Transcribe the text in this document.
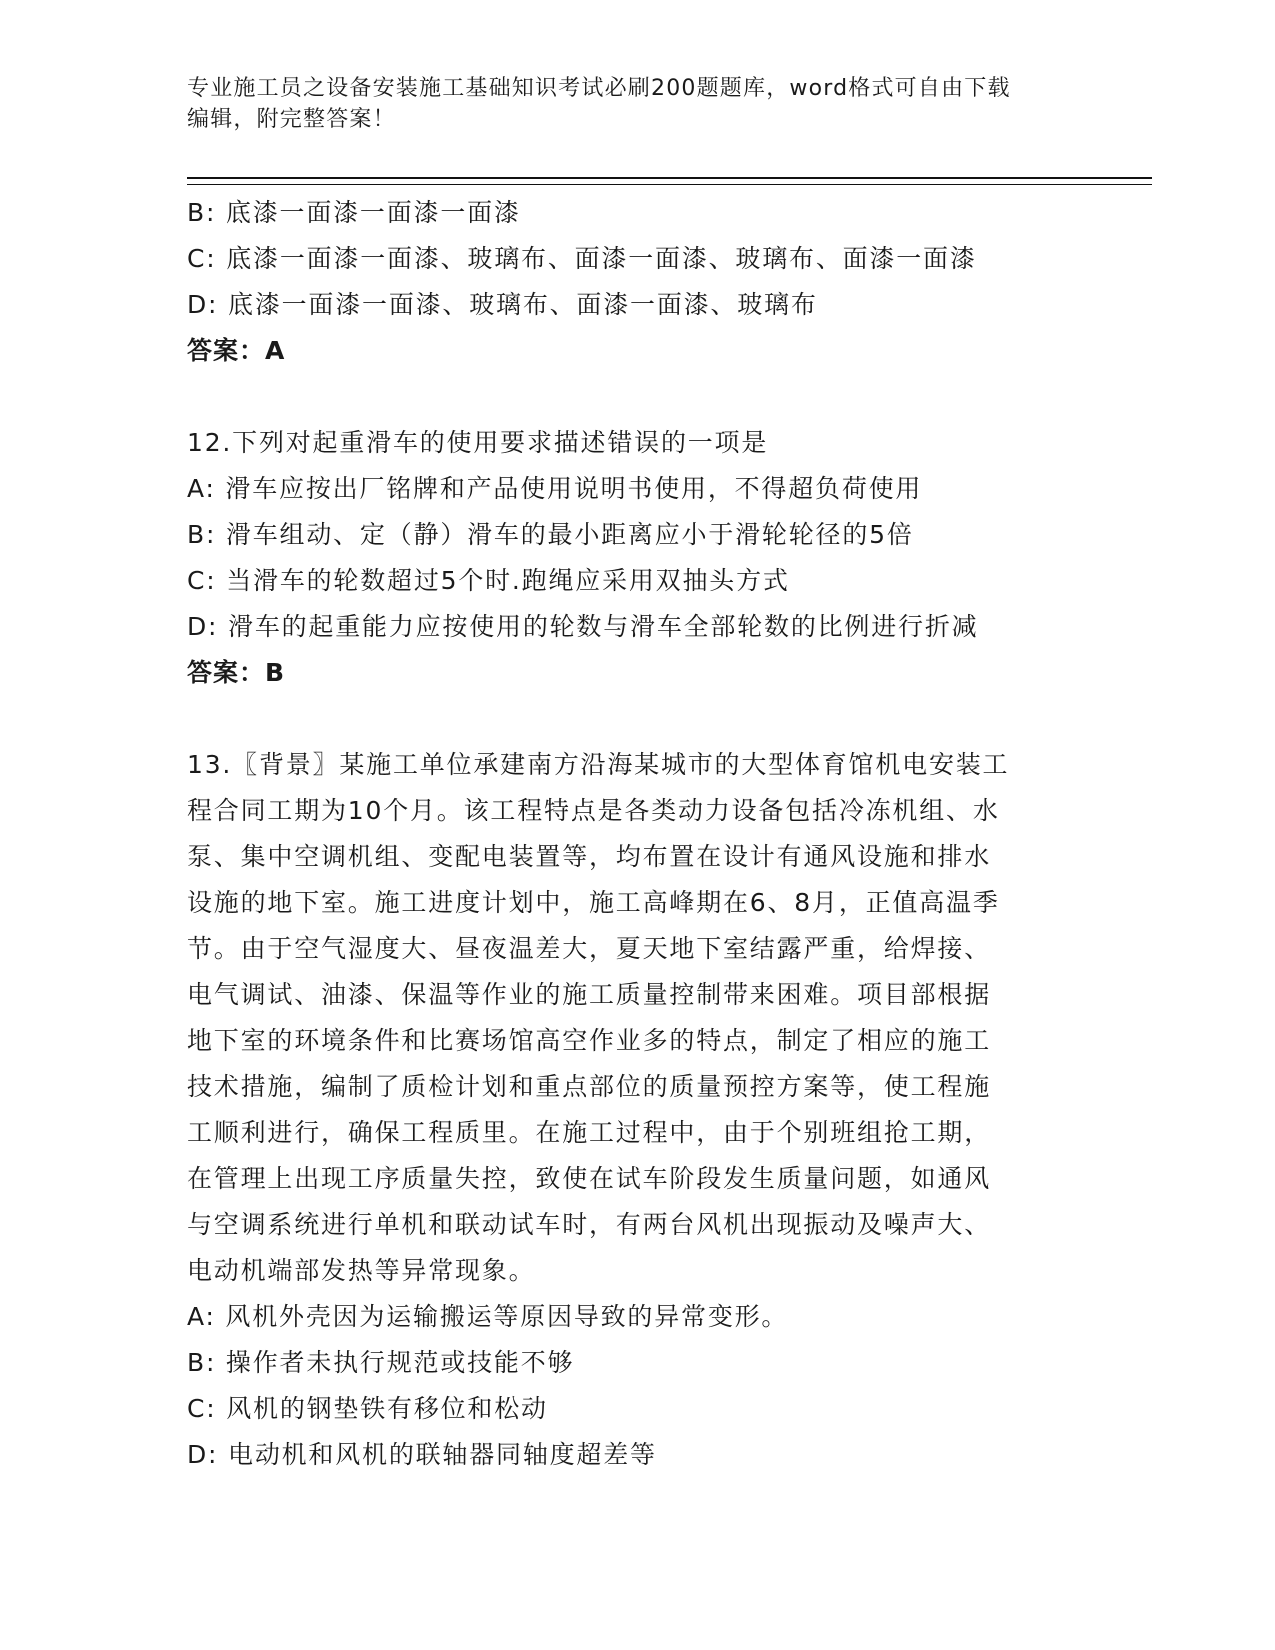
专业施工员之设备安装施工基础知识考试必刷200题题库，word格式可自由下载
编辑，附完整答案！
B: 底漆一面漆一面漆一面漆
C: 底漆一面漆一面漆、玻璃布、面漆一面漆、玻璃布、面漆一面漆
D: 底漆一面漆一面漆、玻璃布、面漆一面漆、玻璃布
答案：A
12.下列对起重滑车的使用要求描述错误的一项是
A: 滑车应按出厂铭牌和产品使用说明书使用，不得超负荷使用
B: 滑车组动、定（静）滑车的最小距离应小于滑轮轮径的5倍
C: 当滑车的轮数超过5个时.跑绳应采用双抽头方式
D: 滑车的起重能力应按使用的轮数与滑车全部轮数的比例进行折减
答案：B
13.〖背景〗某施工单位承建南方沿海某城市的大型体育馆机电安装工
程合同工期为10个月。该工程特点是各类动力设备包括冷冻机组、水
泵、集中空调机组、变配电装置等，均布置在设计有通风设施和排水
设施的地下室。施工进度计划中，施工高峰期在6、8月，正值高温季
节。由于空气湿度大、昼夜温差大，夏天地下室结露严重，给焊接、
电气调试、油漆、保温等作业的施工质量控制带来困难。项目部根据
地下室的环境条件和比赛场馆高空作业多的特点，制定了相应的施工
技术措施，编制了质检计划和重点部位的质量预控方案等，使工程施
工顺利进行，确保工程质里。在施工过程中，由于个别班组抢工期，
在管理上出现工序质量失控，致使在试车阶段发生质量问题，如通风
与空调系统进行单机和联动试车时，有两台风机出现振动及噪声大、
电动机端部发热等异常现象。
A: 风机外壳因为运输搬运等原因导致的异常变形。
B: 操作者未执行规范或技能不够
C: 风机的钢垫铁有移位和松动
D: 电动机和风机的联轴器同轴度超差等
